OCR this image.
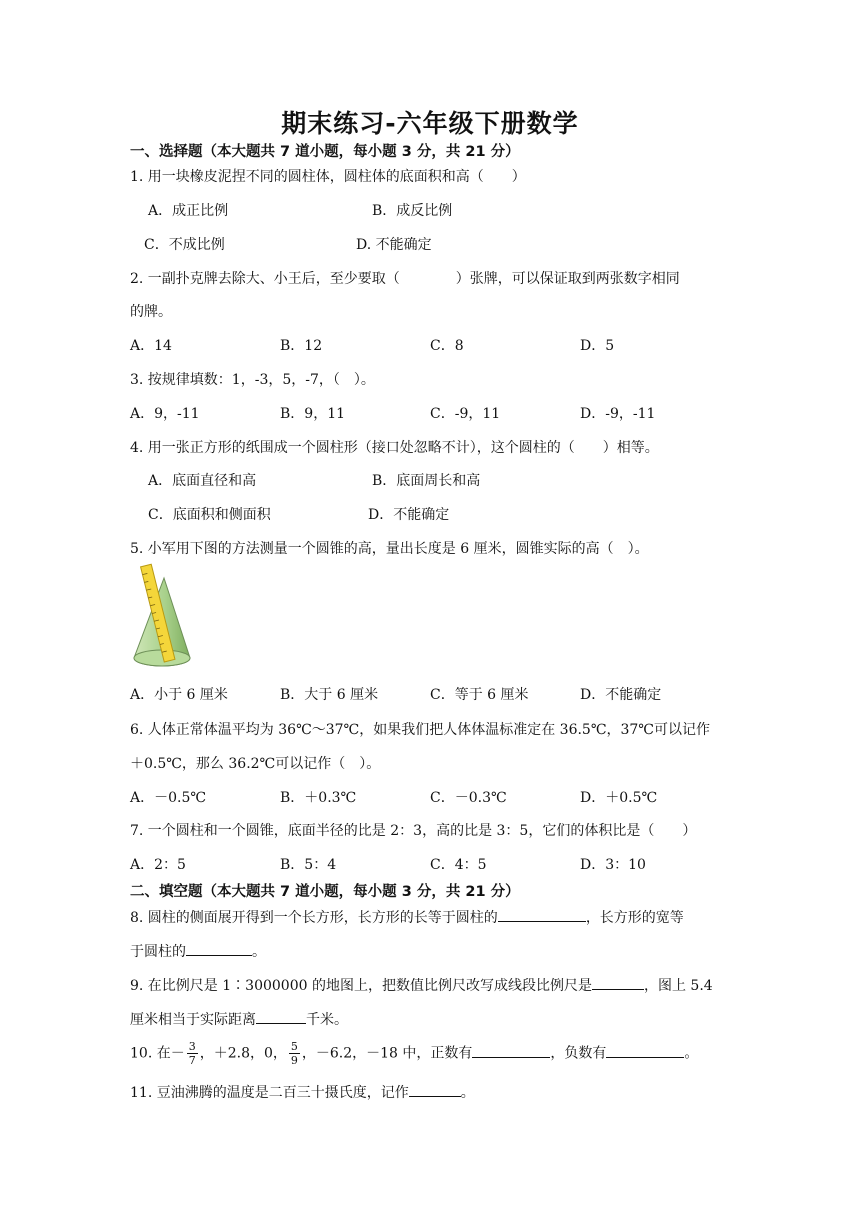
期末练习-六年级下册数学
一、选择题（本大题共 7 道小题，每小题 3 分，共 21 分）
1. 用一块橡皮泥捏不同的圆柱体，圆柱体的底面积和高（　　）
A．成正比例	B．成反比例
C．不成比例	D. 不能确定
2. 一副扑克牌去除大、小王后，至少要取（　　　　）张牌，可以保证取到两张数字相同
的牌。
A．14	B．12	C．8	D．5
3. 按规律填数：1，-3，5，-7，（　）。
A．9，-11	B．9，11	C．-9，11	D．-9，-11
4. 用一张正方形的纸围成一个圆柱形（接口处忽略不计），这个圆柱的（　　）相等。
A．底面直径和高	B．底面周长和高
C．底面积和侧面积	D．不能确定
5. 小军用下图的方法测量一个圆锥的高，量出长度是 6 厘米，圆锥实际的高（　）。
A．小于 6 厘米	B．大于 6 厘米	C．等于 6 厘米	D．不能确定
6. 人体正常体温平均为 36℃～37℃，如果我们把人体体温标准定在 36.5℃，37℃可以记作
＋0.5℃，那么 36.2℃可以记作（　）。
A．－0.5℃	B．＋0.3℃	C．－0.3℃	D．＋0.5℃
7. 一个圆柱和一个圆锥，底面半径的比是 2：3，高的比是 3：5，它们的体积比是（　　）
A．2：5	B．5：4	C．4：5	D．3：10
二、填空题（本大题共 7 道小题，每小题 3 分，共 21 分）
8. 圆柱的侧面展开得到一个长方形，长方形的长等于圆柱的	，长方形的宽等
于圆柱的	。
9. 在比例尺是 1∶3000000 的地图上，把数值比例尺改写成线段比例尺是	，图上 5.4
厘米相当于实际距离	千米。
10. 在－ $\frac{3}{7}$ ，＋2.8，0， $\frac{5}{9}$ ，－6.2，－18 中，正数有	，负数有	。
11. 豆油沸腾的温度是二百三十摄氏度，记作	。
